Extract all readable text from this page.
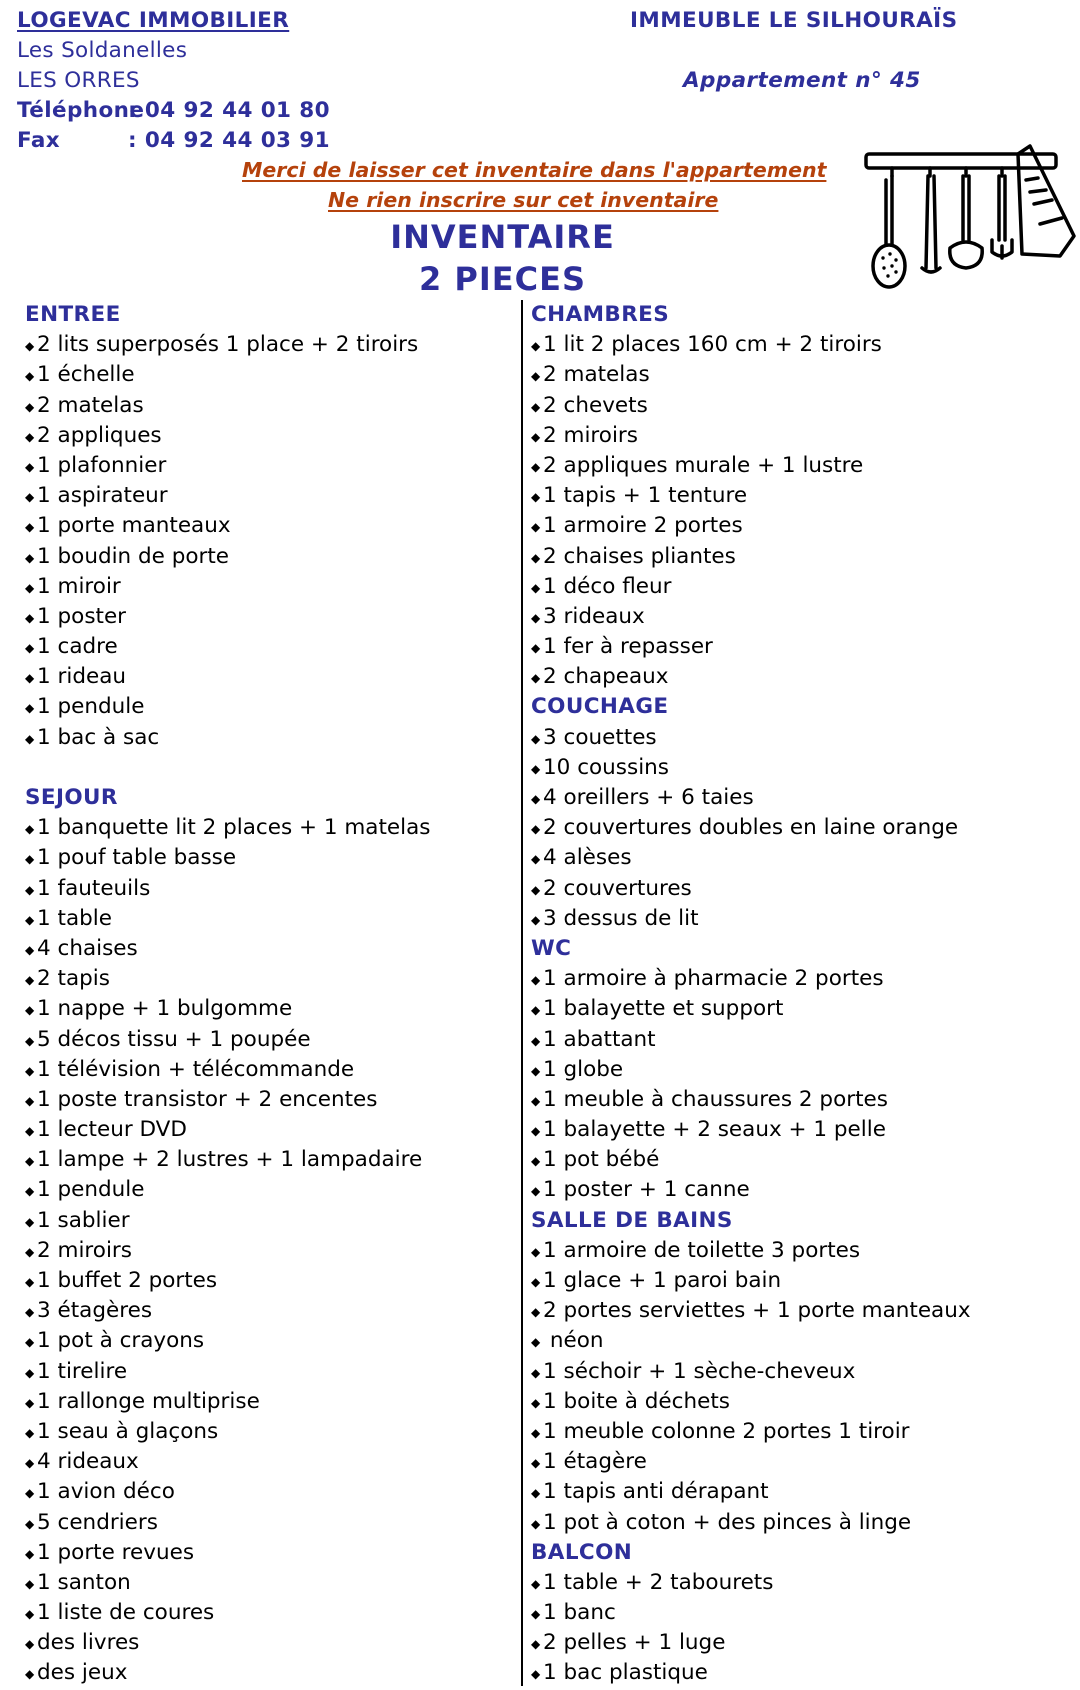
LOGEVAC IMMOBILIER
Les Soldanelles
LES ORRES
Téléphone
: 04 92 44 01 80
Fax	: 04 92 44 03 91
IMMEUBLE LE SILHOURAÏS
Appartement n° 45
Merci de laisser cet inventaire dans l'appartement
Ne rien inscrire sur cet inventaire
INVENTAIRE
2 PIECES
ENTREE
◆ 2 lits superposés 1 place + 2 tiroirs
◆ 1 échelle
◆ 2 matelas
◆ 2 appliques
◆ 1 plafonnier
◆ 1 aspirateur
◆ 1 porte manteaux
◆ 1 boudin de porte
◆ 1 miroir
◆ 1 poster
◆ 1 cadre
◆ 1 rideau
◆ 1 pendule
◆ 1 bac à sac
SEJOUR
◆ 1 banquette lit 2 places + 1 matelas
◆ 1 pouf table basse
◆ 1 fauteuils
◆ 1 table
◆ 4 chaises
◆ 2 tapis
◆ 1 nappe + 1 bulgomme
◆ 5 décos tissu + 1 poupée
◆ 1 télévision + télécommande
◆ 1 poste transistor + 2 encentes
◆ 1 lecteur DVD
◆ 1 lampe + 2 lustres + 1 lampadaire
◆ 1 pendule
◆ 1 sablier
◆ 2 miroirs
◆ 1 buffet 2 portes
◆ 3 étagères
◆ 1 pot à crayons
◆ 1 tirelire
◆ 1 rallonge multiprise
◆ 1 seau à glaçons
◆ 4 rideaux
◆ 1 avion déco
◆ 5 cendriers
◆ 1 porte revues
◆ 1 santon
◆ 1 liste de coures
◆ des livres
◆ des jeux
CHAMBRES
◆ 1 lit 2 places 160 cm + 2 tiroirs
◆ 2 matelas
◆ 2 chevets
◆ 2 miroirs
◆ 2 appliques murale + 1 lustre
◆ 1 tapis + 1 tenture
◆ 1 armoire 2 portes
◆ 2 chaises pliantes
◆ 1 déco fleur
◆ 3 rideaux
◆ 1 fer à repasser
◆ 2 chapeaux
COUCHAGE
◆ 3 couettes
◆ 10 coussins
◆ 4 oreillers + 6 taies
◆ 2 couvertures doubles en laine orange
◆ 4 alèses
◆ 2 couvertures
◆ 3 dessus de lit
WC
◆ 1 armoire à pharmacie 2 portes
◆ 1 balayette et support
◆ 1 abattant
◆ 1 globe
◆ 1 meuble à chaussures 2 portes
◆ 1 balayette + 2 seaux + 1 pelle
◆ 1 pot bébé
◆ 1 poster + 1 canne
SALLE DE BAINS
◆ 1 armoire de toilette 3 portes
◆ 1 glace + 1 paroi bain
◆ 2 portes serviettes + 1 porte manteaux
◆ néon
◆ 1 séchoir + 1 sèche-cheveux
◆ 1 boite à déchets
◆ 1 meuble colonne 2 portes 1 tiroir
◆ 1 étagère
◆ 1 tapis anti dérapant
◆ 1 pot à coton + des pinces à linge
BALCON
◆ 1 table + 2 tabourets
◆ 1 banc
◆ 2 pelles + 1 luge
◆ 1 bac plastique
